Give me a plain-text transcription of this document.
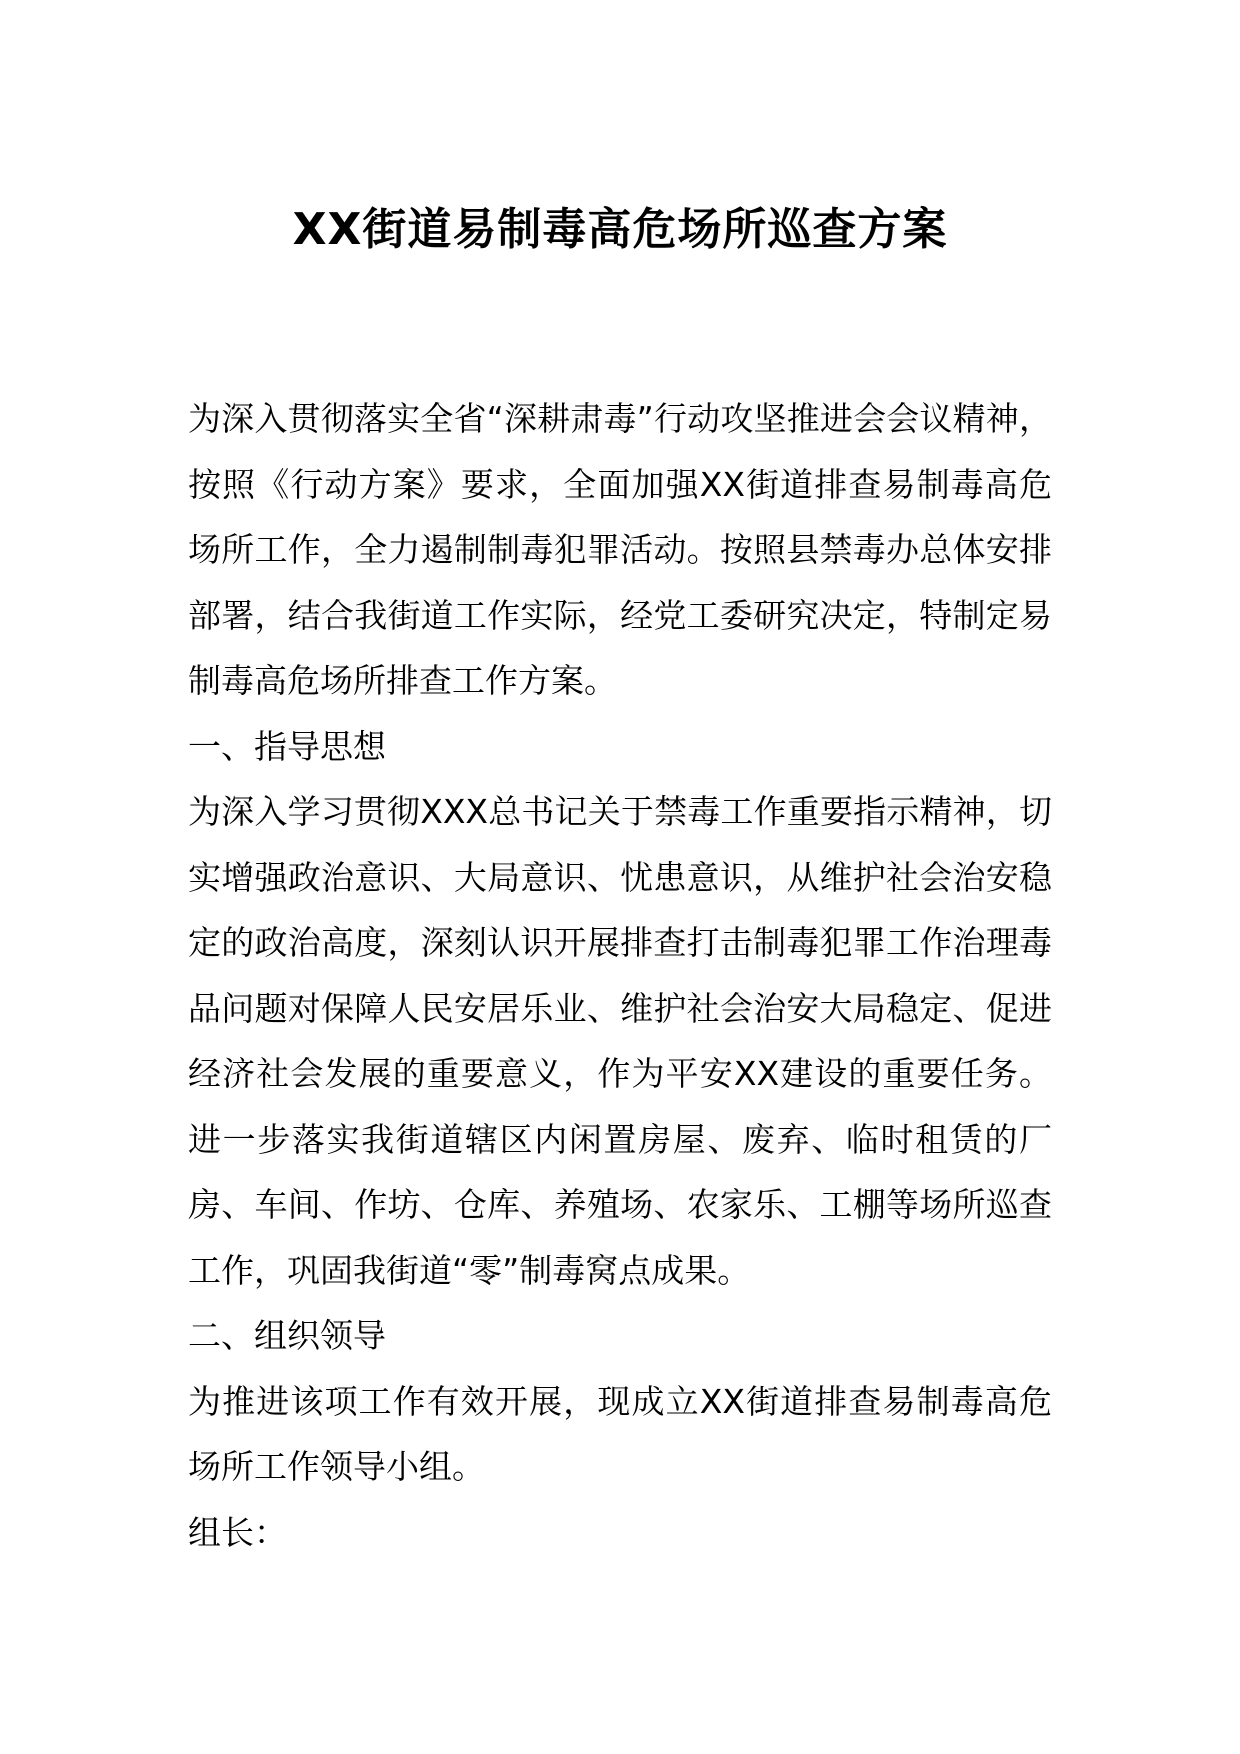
XX街道易制毒高危场所巡查方案

为深入贯彻落实全省“深耕肃毒”行动攻坚推进会会议精神，按照《行动方案》要求，全面加强XX街道排查易制毒高危场所工作，全力遏制制毒犯罪活动。按照县禁毒办总体安排部署，结合我街道工作实际，经党工委研究决定，特制定易制毒高危场所排查工作方案。

一、指导思想

为深入学习贯彻XXX总书记关于禁毒工作重要指示精神，切实增强政治意识、大局意识、忧患意识，从维护社会治安稳定的政治高度，深刻认识开展排查打击制毒犯罪工作治理毒品问题对保障人民安居乐业、维护社会治安大局稳定、促进经济社会发展的重要意义，作为平安XX建设的重要任务。进一步落实我街道辖区内闲置房屋、废弃、临时租赁的厂房、车间、作坊、仓库、养殖场、农家乐、工棚等场所巡查工作，巩固我街道“零”制毒窝点成果。

二、组织领导

为推进该项工作有效开展，现成立XX街道排查易制毒高危场所工作领导小组。

组长：
